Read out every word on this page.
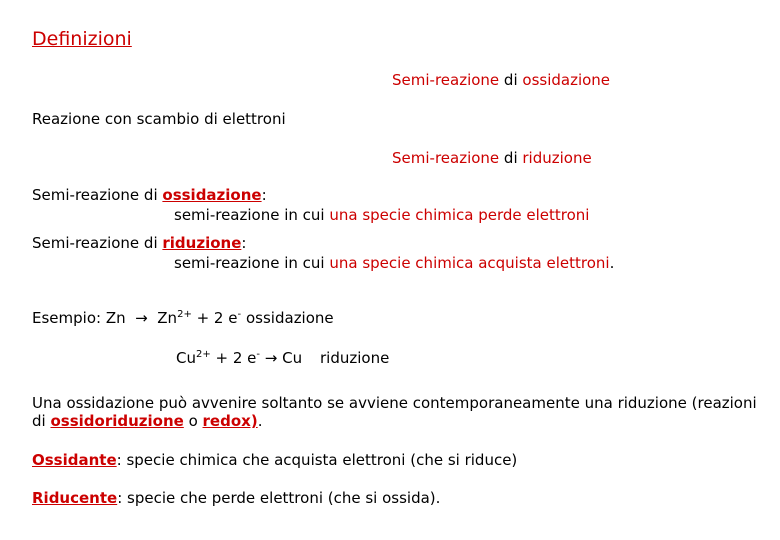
Definizioni
Semi-reazione di ossidazione
Reazione con scambio di elettroni
Semi-reazione di riduzione
Semi-reazione di ossidazione:
semi-reazione in cui una specie chimica perde elettroni
Semi-reazione di riduzione:
semi-reazione in cui una specie chimica acquista elettroni.
Esempio: $Zn \to Zn^{2+} + 2$ e- ossidazione
$Cu^{2+} + 2$ e- → Cu riduzione
Una ossidazione può avvenire soltanto se avviene contemporaneamente una riduzione (reazioni
di ossidoriduzione o redox).
Ossidante: specie chimica che acquista elettroni (che si riduce)
Riducente: specie che perde elettroni (che si ossida).
